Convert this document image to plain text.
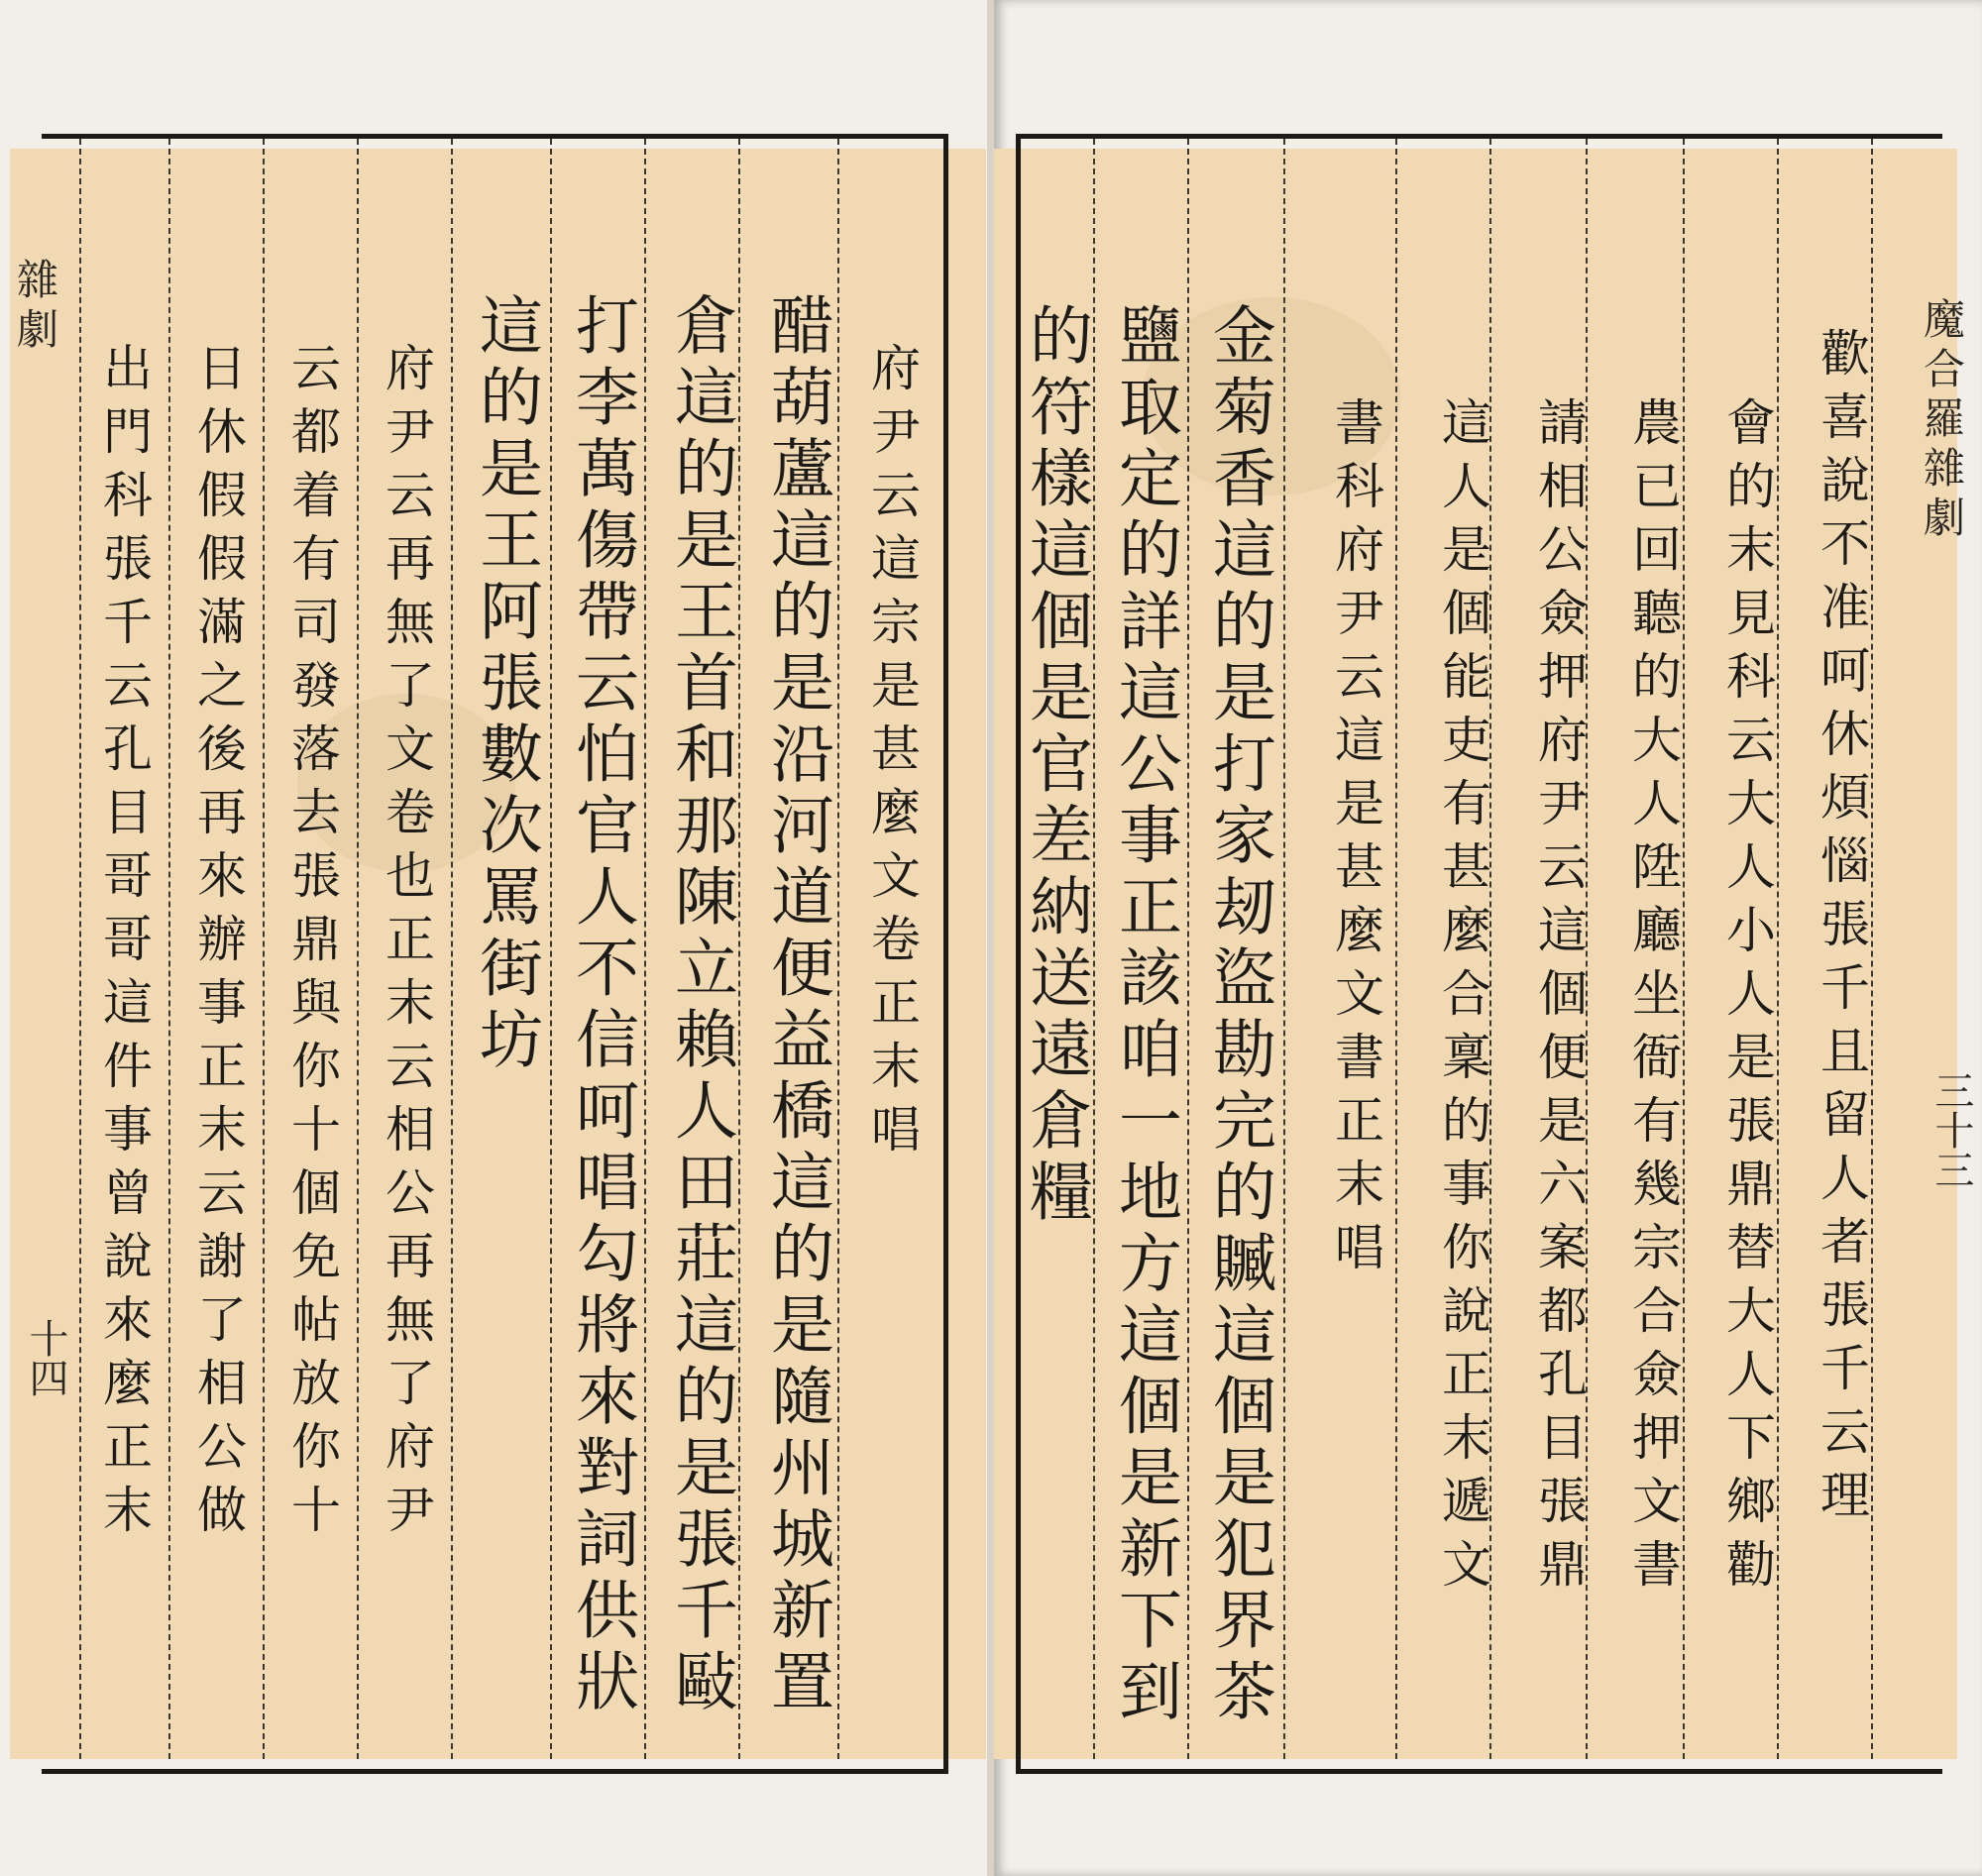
雜劇
十四
府尹云這宗是甚麼文卷正末唱
醋葫蘆這的是沿河道便益橋這的是隨州城新置
倉這的是王首和那陳立賴人田莊這的是張千敺
打李萬傷帶云怕官人不信呵唱勾將來對詞供狀
這的是王阿張數次罵街坊
府尹云再無了文卷也正末云相公再無了府尹
云都着有司發落去張鼎與你十個免帖放你十
日休假假滿之後再來辦事正末云謝了相公做
出門科張千云孔目哥哥這件事曾說來麼正末	魔合羅
雜劇
三十三
歡喜說不准呵休煩惱張千且留人者張千云理
會的末見科云大人小人是張鼎替大人下鄉勸
農已回聽的大人陞廳坐衙有幾宗合僉押文書
請相公僉押府尹云這個便是六案都孔目張鼎
這人是個能吏有甚麼合稟的事你說正末遞文
書科府尹云這是甚麼文書正末唱
金菊香這的是打家刼盜勘完的贓這個是犯界茶
鹽取定的詳這公事正該咱一地方這個是新下到
的符樣這個是官差納送遠倉糧
